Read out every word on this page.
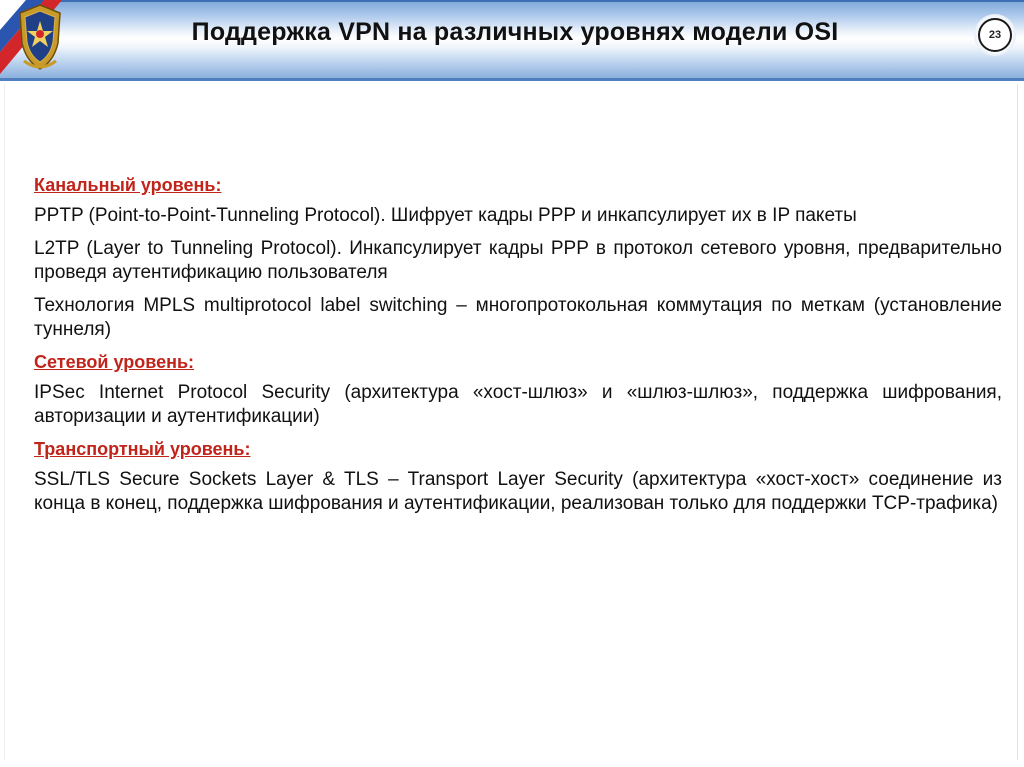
Поддержка VPN на различных уровнях модели OSI	23
Канальный уровень:

PPTP (Point-to-Point-Tunneling Protocol). Шифрует кадры PPP и инкапсулирует их в IP пакеты

L2TP (Layer to Tunneling Protocol). Инкапсулирует кадры PPP в протокол сетевого уровня, предварительно проведя аутентификацию пользователя

Технология MPLS multiprotocol label switching – многопротокольная коммутация по меткам (установление туннеля)

Сетевой уровень:

IPSec Internet Protocol Security (архитектура «хост-шлюз» и «шлюз-шлюз», поддержка шифрования, авторизации и аутентификации)

Транспортный уровень:

SSL/TLS Secure Sockets Layer & TLS – Transport Layer Security (архитектура «хост-хост» соединение из конца в конец, поддержка шифрования и аутентификации, реализован только для поддержки TCP-трафика)
